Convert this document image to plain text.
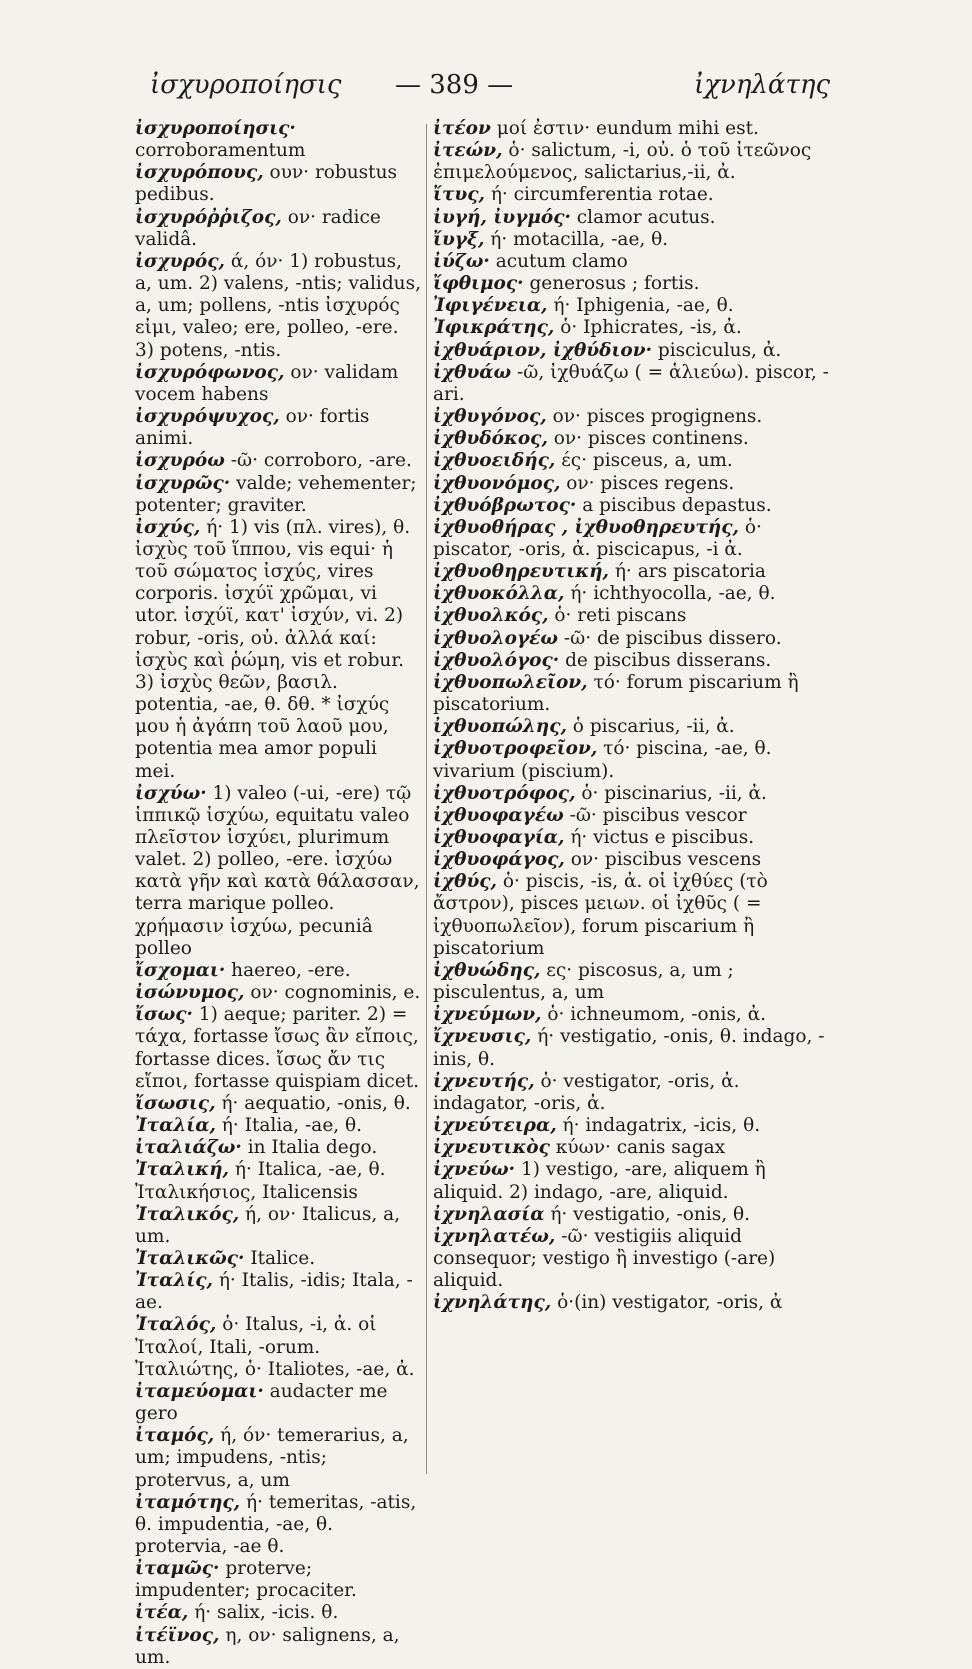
ἰσχυροποίησις — 389 —	ἰχνηλάτης

ἰσχυροποίησις· corroboramentum

ἰσχυρόπους, ουν· robustus pedibus.

ἰσχυρόῤῥιζος, ον· radice validâ.

ἰσχυρός, ά, όν· 1) robustus, a, um. 2) valens, -ntis; validus, a, um; pollens, -ntis ἰσχυρός εἰμι, valeo; ere, polleo, -ere. 3) potens, -ntis.

ἰσχυρόφωνος, ον· validam vocem habens

ἰσχυρόψυχος, ον· fortis animi.

ἰσχυρόω -ῶ· corroboro, -are.

ἰσχυρῶς· valde; vehementer; potenter; graviter.

ἰσχύς, ή· 1) vis (πλ. vires), θ. ἰσχὺς τοῦ ἵππου, vis equi· ἡ τοῦ σώματος ἰσχύς, vires corporis. ἰσχύϊ χρῶμαι, vi utor. ἰσχύϊ, κατ' ἰσχύν, vi. 2) robur, -oris, οὐ. ἀλλά καί: ἰσχὺς καὶ ῥώμη, vis et robur. 3) ἰσχὺς θεῶν, βασιλ. potentia, -ae, θ. δθ. * ἰσχύς μου ἡ ἀγάπη τοῦ λαοῦ μου, potentia mea amor populi mei.

ἰσχύω· 1) valeo (-ui, -ere) τῷ ἱππικῷ ἰσχύω, equitatu valeo πλεῖστον ἰσχύει, plurimum valet. 2) polleo, -ere. ἰσχύω κατὰ γῆν καὶ κατὰ θάλασσαν, terra marique polleo. χρήμασιν ἰσχύω, pecuniâ polleo

ἴσχομαι· haereo, -ere.

ἰσώνυμος, ον· cognominis, e.

ἴσως· 1) aeque; pariter. 2) = τάχα, fortasse ἴσως ἂν εἴποις, fortasse dices. ἴσως ἄν τις εἴποι, fortasse quispiam dicet.

ἴσωσις, ή· aequatio, -onis, θ.

Ἰταλία, ή· Italia, -ae, θ.

ἰταλιάζω· in Italia dego.

Ἰταλική, ή· Italica, -ae, θ. Ἰταλικήσιος, Italicensis

Ἰταλικός, ή, ον· Italicus, a, um.

Ἰταλικῶς· Italice.

Ἰταλίς, ή· Italis, -idis; Itala, -ae.

Ἰταλός, ὁ· Italus, -i, ἀ. οἱ Ἰταλοί, Itali, -orum. Ἰταλιώτης, ὁ· Italiotes, -ae, ἀ.

ἰταμεύομαι· audacter me gero

ἰταμός, ή, όν· temerarius, a, um; impudens, -ntis; protervus, a, um

ἰταμότης, ή· temeritas, -atis, θ. impudentia, -ae, θ. protervia, -ae θ.

ἰταμῶς· proterve; impudenter; procaciter.

ἰτέα, ή· salix, -icis. θ.

ἰτέϊνος, η, ον· salignens, a, um.

ἰτέον μοί ἐστιν· eundum mihi est.

ἰτεών, ὁ· salictum, -i, οὐ. ὁ τοῦ ἰτεῶνος ἐπιμελούμενος, salictarius,-ii, ἀ.

ἴτυς, ή· circumferentia rotae.

ἰυγή, ἰυγμός· clamor acutus.

ἴυγξ, ή· motacilla, -ae, θ.

ἰύζω· acutum clamo

ἴφθιμος· generosus ; fortis.

Ἰφιγένεια, ή· Iphigenia, -ae, θ.

Ἰφικράτης, ὁ· Iphicrates, -is, ἀ.

ἰχθυάριον, ἰχθύδιον· pisciculus, ἀ.

ἰχθυάω -ῶ, ἰχθυάζω ( = ἁλιεύω). piscor, -ari.

ἰχθυγόνος, ον· pisces progignens.

ἰχθυδόκος, ον· pisces continens.

ἰχθυοειδής, ές· pisceus, a, um.

ἰχθυονόμος, ον· pisces regens.

ἰχθυόβρωτος· a piscibus depastus.

ἰχθυοθήρας , ἰχθυοθηρευτής, ὁ· piscator, -oris, ἀ. piscicapus, -i ἀ.

ἰχθυοθηρευτική, ή· ars piscatoria

ἰχθυοκόλλα, ή· ichthyocolla, -ae, θ.

ἰχθυολκός, ὁ· reti piscans

ἰχθυολογέω -ῶ· de piscibus dissero.

ἰχθυολόγος· de piscibus disserans.

ἰχθυοπωλεῖον, τό· forum piscarium ἢ piscatorium.

ἰχθυοπώλης, ὁ piscarius, -ii, ἀ.

ἰχθυοτροφεῖον, τό· piscina, -ae, θ. vivarium (piscium).

ἰχθυοτρόφος, ὁ· piscinarius, -ii, ἀ.

ἰχθυοφαγέω -ῶ· piscibus vescor

ἰχθυοφαγία, ή· victus e piscibus.

ἰχθυοφάγος, ον· piscibus vescens

ἰχθύς, ὁ· piscis, -is, ἀ. οἱ ἰχθύες (τὸ ἄστρον), pisces μειων. οἱ ἰχθῦς ( = ἰχθυοπωλεῖον), forum piscarium ἢ piscatorium

ἰχθυώδης, ες· piscosus, a, um ; pisculentus, a, um

ἰχνεύμων, ὁ· ichneumom, -onis, ἀ.

ἴχνευσις, ή· vestigatio, -onis, θ. indago, -inis, θ.

ἰχνευτής, ὁ· vestigator, -oris, ἀ. indagator, -oris, ἀ.

ἰχνεύτειρα, ή· indagatrix, -icis, θ.

ἰχνευτικὸς κύων· canis sagax

ἰχνεύω· 1) vestigo, -are, aliquem ἢ aliquid. 2) indago, -are, aliquid.

ἰχνηλασία ή· vestigatio, -onis, θ.

ἰχνηλατέω, -ῶ· vestigiis aliquid consequor; vestigo ἢ investigo (-are) aliquid.

ἰχνηλάτης, ὁ·(in) vestigator, -oris, ἀ
